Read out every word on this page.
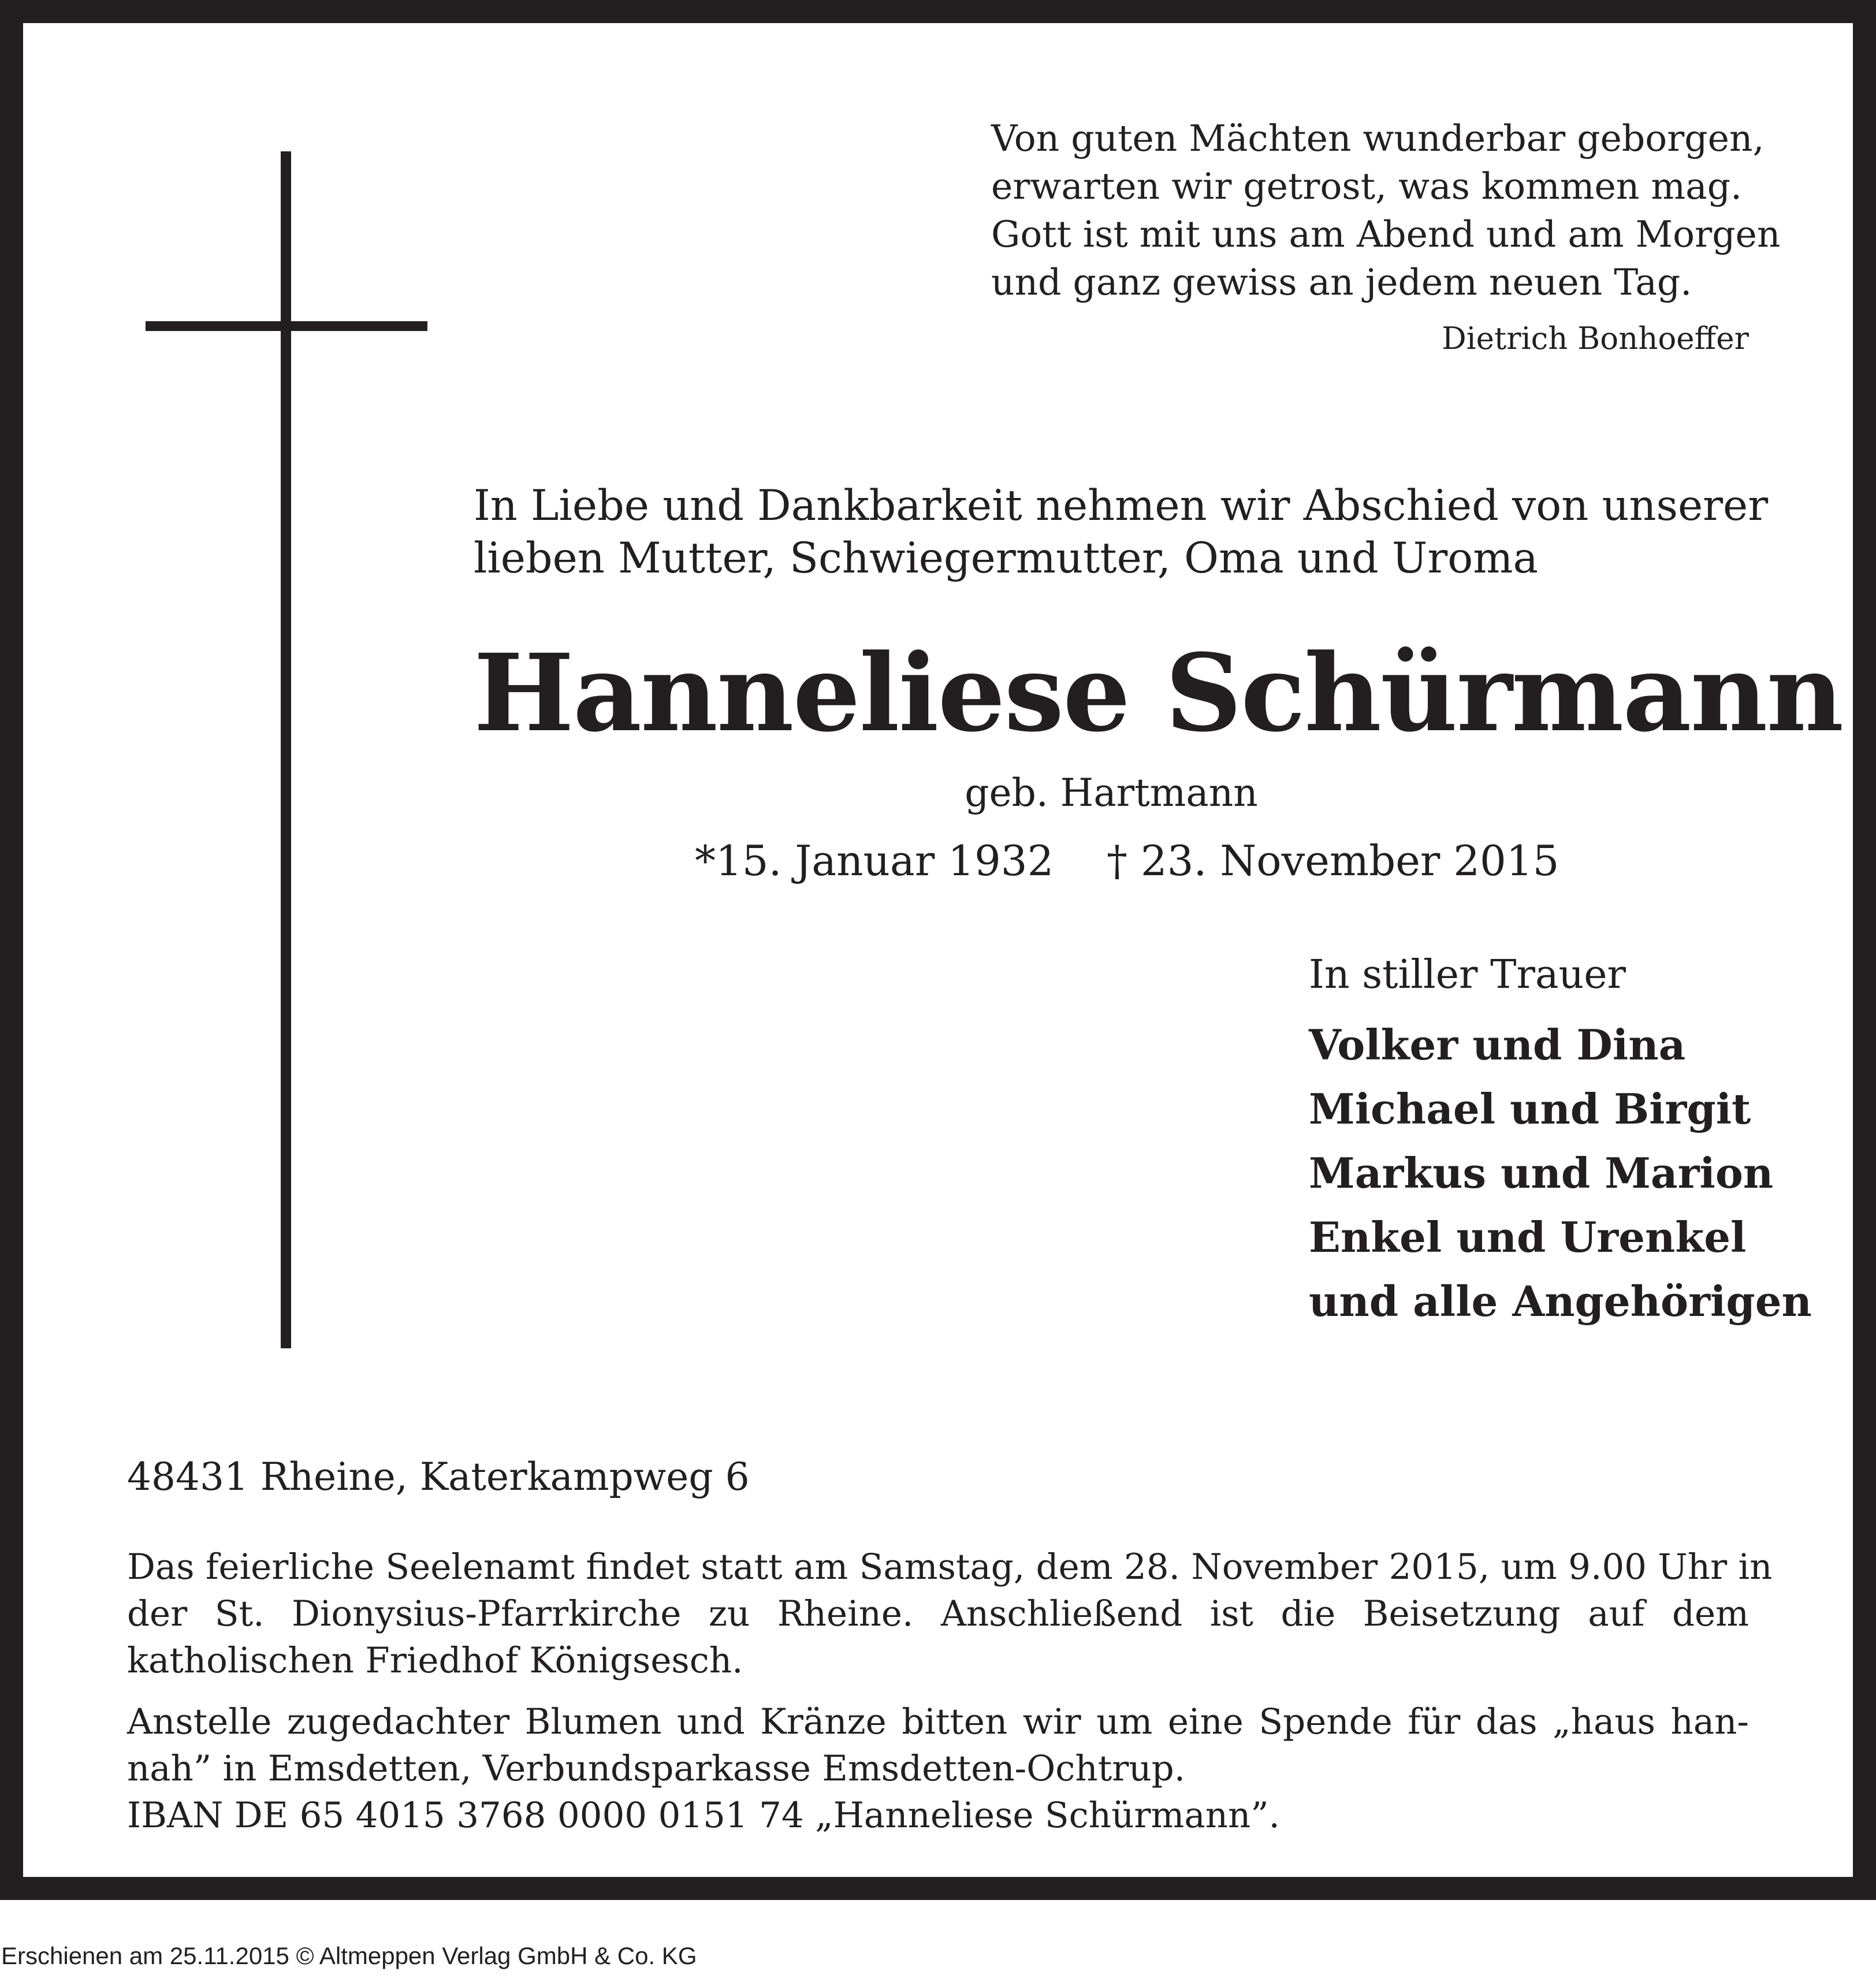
Von guten Mächten wunderbar geborgen,
erwarten wir getrost, was kommen mag.
Gott ist mit uns am Abend und am Morgen
und ganz gewiss an jedem neuen Tag.
Dietrich Bonhoeffer
In Liebe und Dankbarkeit nehmen wir Abschied von unserer
lieben Mutter, Schwiegermutter, Oma und Uroma
Hanneliese Schürmann
geb. Hartmann
*15. Januar 1932 † 23. November 2015
In stiller Trauer
Volker und Dina
Michael und Birgit
Markus und Marion
Enkel und Urenkel
und alle Angehörigen
48431 Rheine, Katerkampweg 6
Das feierliche Seelenamt findet statt am Samstag, dem 28. November 2015, um 9.00 Uhr in
der St. Dionysius-Pfarrkirche zu Rheine. Anschließend ist die Beisetzung auf dem
katholischen Friedhof Königsesch.
Anstelle zugedachter Blumen und Kränze bitten wir um eine Spende für das „haus han-
nah” in Emsdetten, Verbundsparkasse Emsdetten-Ochtrup.
IBAN DE 65 4015 3768 0000 0151 74 „Hanneliese Schürmann”.
Erschienen am 25.11.2015 © Altmeppen Verlag GmbH & Co. KG
